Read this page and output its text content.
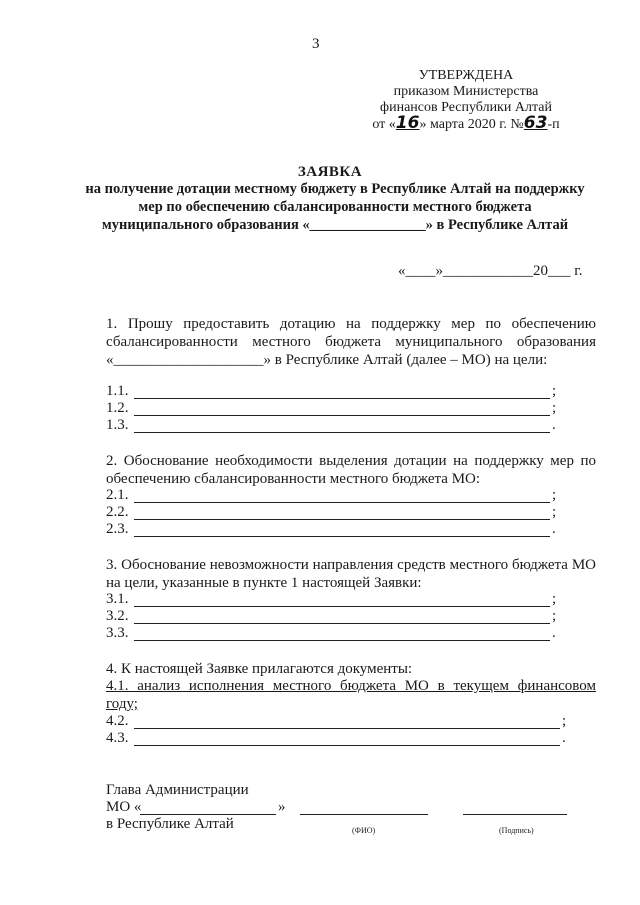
3
УТВЕРЖДЕНА
приказом Министерства
финансов Республики Алтай
от «16» марта 2020 г. №63-п
ЗАЯВКА
на получение дотации местному бюджету в Республике Алтай на поддержку
мер по обеспечению сбалансированности местного бюджета
муниципального образования «________________» в Республике Алтай
«____»____________20___ г.
1. Прошу предоставить дотацию на поддержку мер по обеспечению сбалансированности местного бюджета муниципального образования «____________________» в Республике Алтай (далее – МО) на цели:
1.1.	;
1.2.	;
1.3.	.
2. Обоснование необходимости выделения дотации на поддержку мер по обеспечению сбалансированности местного бюджета МО:
2.1.	;
2.2.	;
2.3.	.
3. Обоснование невозможности направления средств местного бюджета МО на цели, указанные в пункте 1 настоящей Заявки:
3.1.	;
3.2.	;
3.3.	.
4. К настоящей Заявке прилагаются документы:
4.1. анализ исполнения местного бюджета МО в текущем финансовом
году;
4.2.	;
4.3.	.
Глава Администрации
МО «	»
в Республике Алтай	(ФИО)	(Подпись)
